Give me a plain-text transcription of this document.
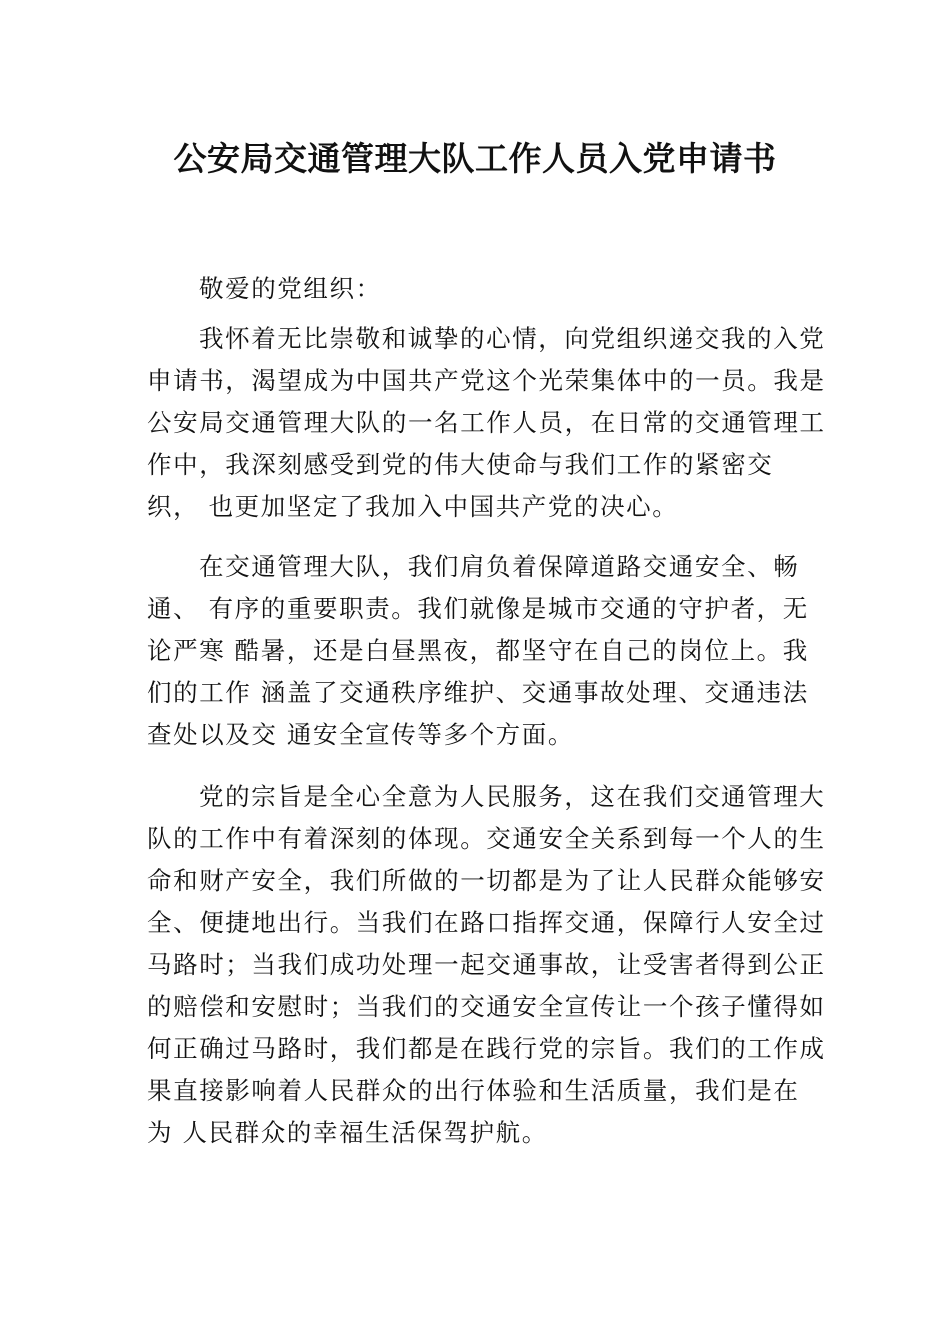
公安局交通管理大队工作人员入党申请书

敬爱的党组织：

我怀着无比崇敬和诚挚的心情，向党组织递交我的入党

申请书，渴望成为中国共产党这个光荣集体中的一员。我是

公安局交通管理大队的一名工作人员，在日常的交通管理工

作中，我深刻感受到党的伟大使命与我们工作的紧密交

织， 也更加坚定了我加入中国共产党的决心。

在交通管理大队，我们肩负着保障道路交通安全、畅

通、 有序的重要职责。我们就像是城市交通的守护者，无

论严寒 酷暑，还是白昼黑夜，都坚守在自己的岗位上。我

们的工作 涵盖了交通秩序维护、交通事故处理、交通违法

查处以及交 通安全宣传等多个方面。

党的宗旨是全心全意为人民服务，这在我们交通管理大

队的工作中有着深刻的体现。交通安全关系到每一个人的生

命和财产安全，我们所做的一切都是为了让人民群众能够安

全、便捷地出行。当我们在路口指挥交通，保障行人安全过

马路时；当我们成功处理一起交通事故，让受害者得到公正

的赔偿和安慰时；当我们的交通安全宣传让一个孩子懂得如

何正确过马路时，我们都是在践行党的宗旨。我们的工作成

果直接影响着人民群众的出行体验和生活质量，我们是在

为 人民群众的幸福生活保驾护航。
